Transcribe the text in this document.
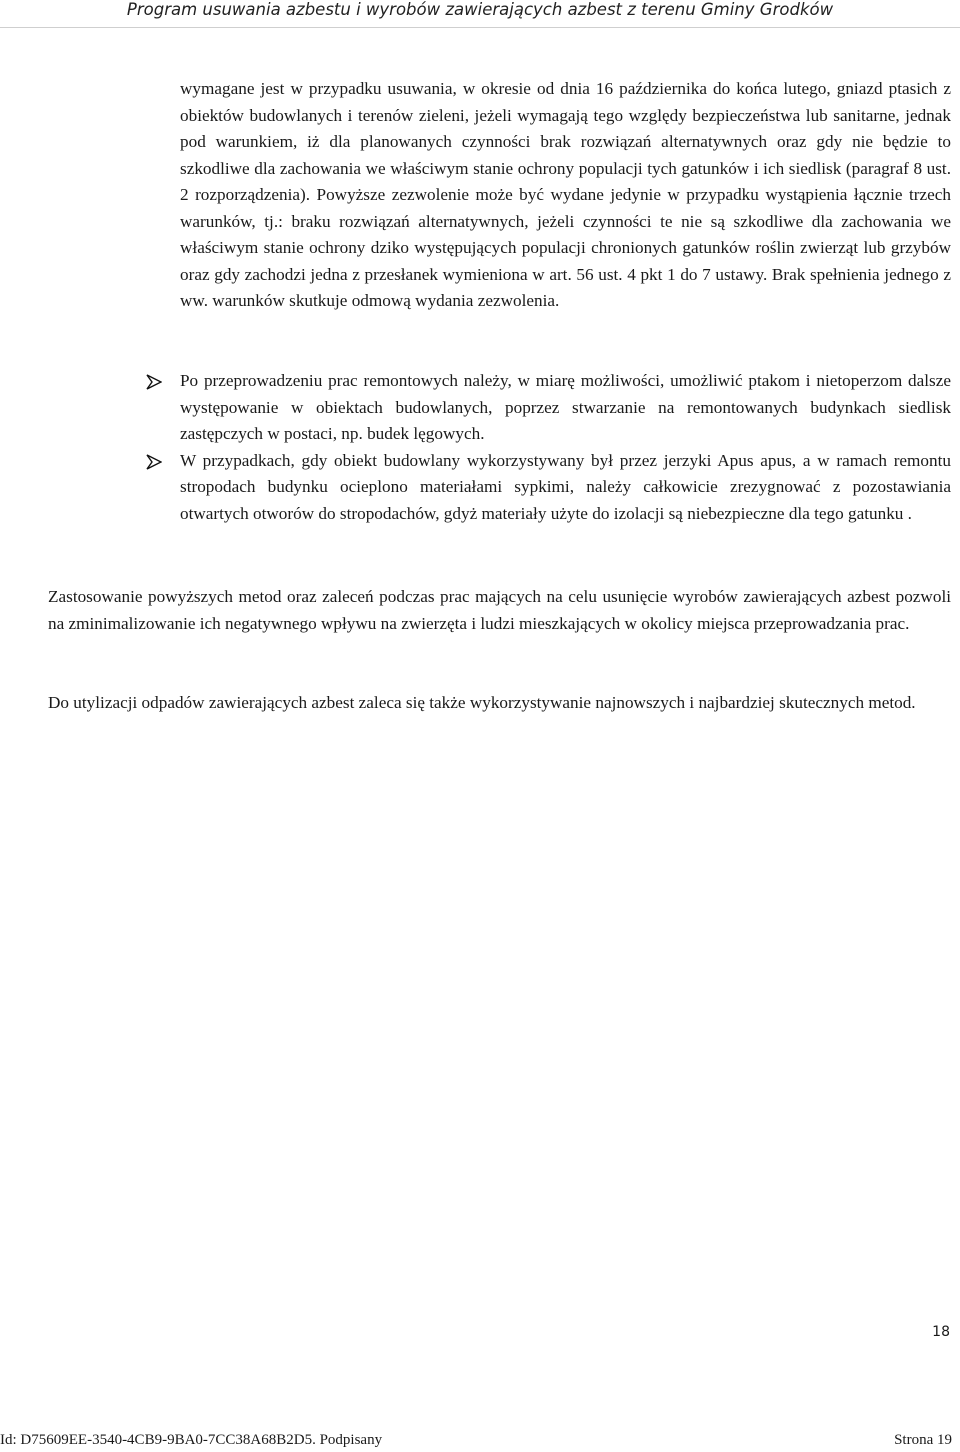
Program usuwania azbestu i wyrobów zawierających azbest z terenu Gminy Grodków

wymagane jest w przypadku usuwania, w okresie od dnia 16 października do końca lutego, gniazd ptasich z obiektów budowlanych i terenów zieleni, jeżeli wymagają tego względy bezpieczeństwa lub sanitarne, jednak pod warunkiem, iż dla planowanych czynności brak rozwiązań alternatywnych oraz gdy nie będzie to szkodliwe dla zachowania we właściwym stanie ochrony populacji tych gatunków i ich siedlisk (paragraf 8 ust. 2 rozporządzenia). Powyższe zezwolenie może być wydane jedynie w przypadku wystąpienia łącznie trzech warunków, tj.: braku rozwiązań alternatywnych, jeżeli czynności te nie są szkodliwe dla zachowania we właściwym stanie ochrony dziko występujących populacji chronionych gatunków roślin zwierząt lub grzybów oraz gdy zachodzi jedna z przesłanek wymieniona w art. 56 ust. 4 pkt 1 do 7 ustawy. Brak spełnienia jednego z ww. warunków skutkuje odmową wydania zezwolenia.

Po przeprowadzeniu prac remontowych należy, w miarę możliwości, umożliwić ptakom i nietoperzom dalsze występowanie w obiektach budowlanych, poprzez stwarzanie na remontowanych budynkach siedlisk zastępczych w postaci, np. budek lęgowych.

W przypadkach, gdy obiekt budowlany wykorzystywany był przez jerzyki Apus apus, a w ramach remontu stropodach budynku ocieplono materiałami sypkimi, należy całkowicie zrezygnować z pozostawiania otwartych otworów do stropodachów, gdyż materiały użyte do izolacji są niebezpieczne dla tego gatunku .

Zastosowanie powyższych metod oraz zaleceń podczas prac mających na celu usunięcie wyrobów zawierających azbest pozwoli na zminimalizowanie ich negatywnego wpływu na zwierzęta i ludzi mieszkających w okolicy miejsca przeprowadzania prac.

Do utylizacji odpadów zawierających azbest zaleca się także wykorzystywanie najnowszych i najbardziej skutecznych metod.

18
Id: D75609EE-3540-4CB9-9BA0-7CC38A68B2D5. Podpisany	Strona 19
